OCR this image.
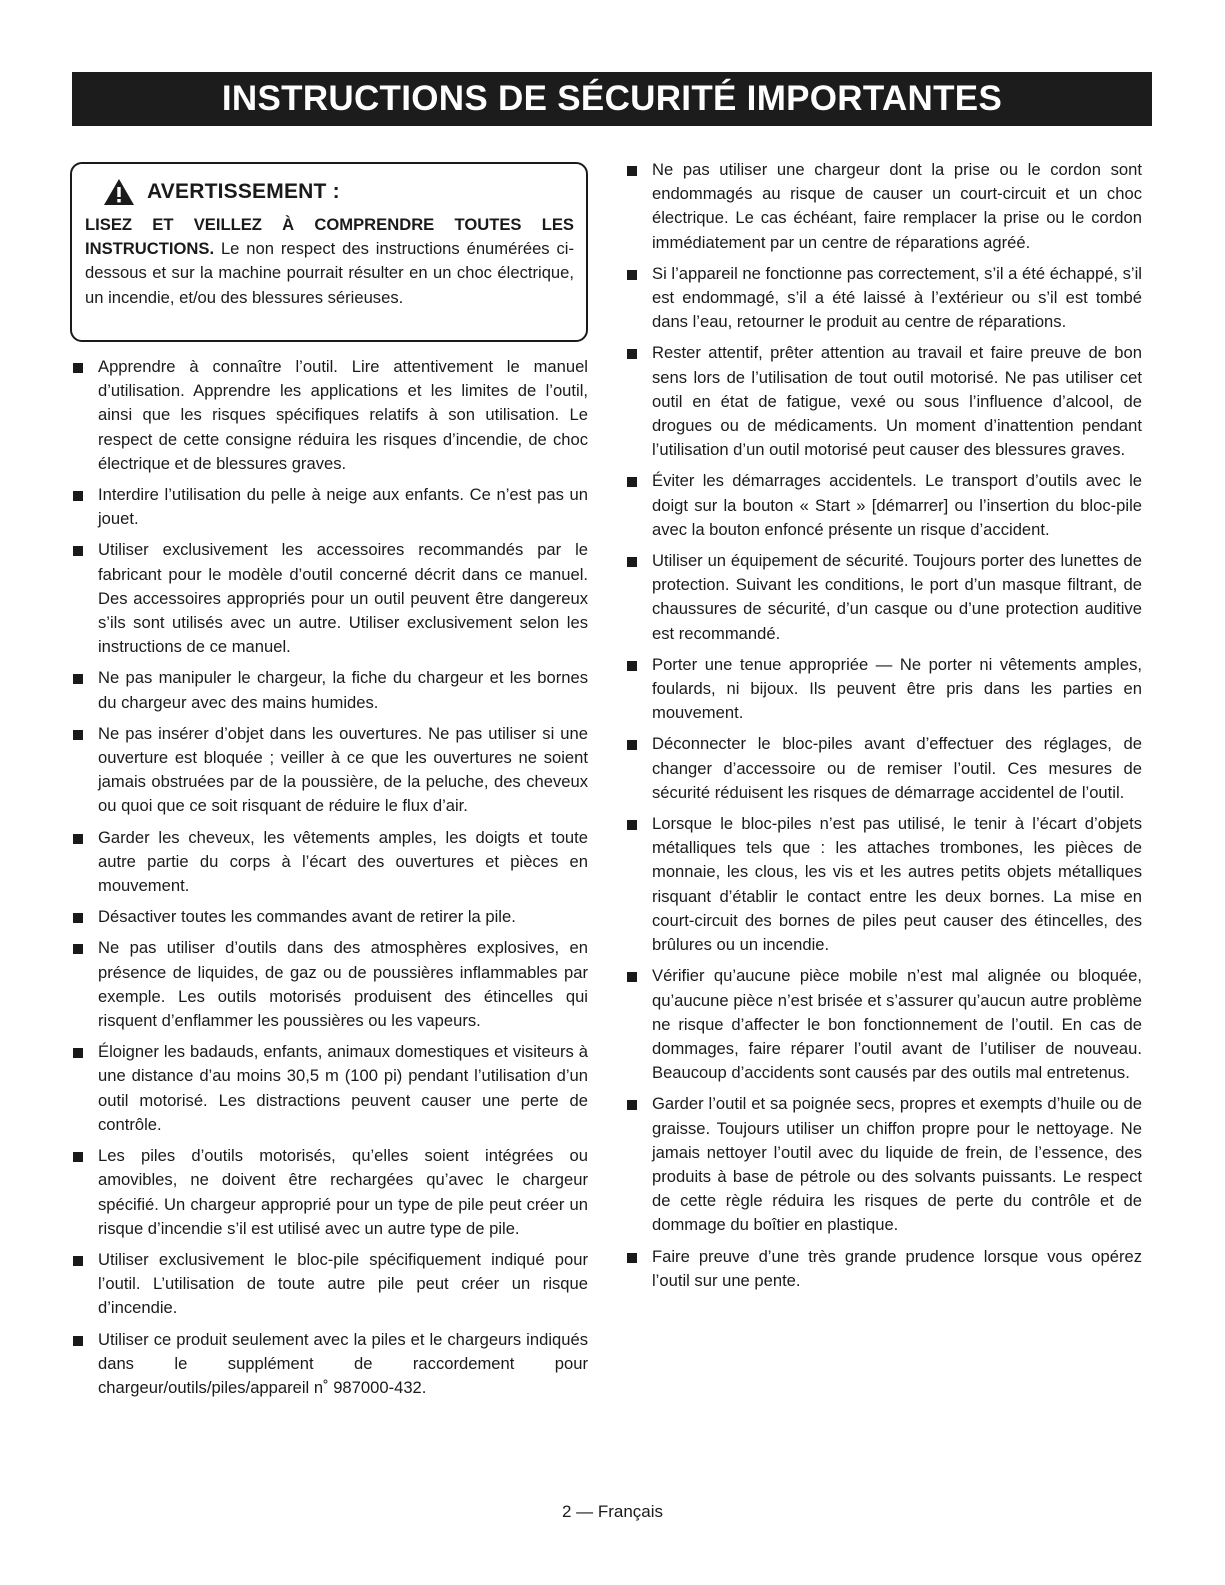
INSTRUCTIONS DE SÉCURITÉ IMPORTANTES
AVERTISSEMENT :
LISEZ ET VEILLEZ À COMPRENDRE TOUTES LES INSTRUCTIONS. Le non respect des instructions énumérées ci-dessous et sur la machine pourrait résulter en un choc électrique, un incendie, et/ou des blessures sérieuses.
Apprendre à connaître l’outil. Lire attentivement le manuel d’utilisation. Apprendre les applications et les limites de l’outil, ainsi que les risques spécifiques relatifs à son utilisation. Le respect de cette consigne réduira les risques d’incendie, de choc électrique et de blessures graves.
Interdire l’utilisation du pelle à neige aux enfants. Ce n’est pas un jouet.
Utiliser exclusivement les accessoires recommandés par le fabricant pour le modèle d’outil concerné décrit dans ce manuel. Des accessoires appropriés pour un outil peuvent être dangereux s’ils sont utilisés avec un autre. Utiliser exclusivement selon les instructions de ce manuel.
Ne pas manipuler le chargeur, la fiche du chargeur et les bornes du chargeur avec des mains humides.
Ne pas insérer d’objet dans les ouvertures. Ne pas utiliser si une ouverture est bloquée ; veiller à ce que les ouvertures ne soient jamais obstruées par de la poussière, de la peluche, des cheveux ou quoi que ce soit risquant de réduire le flux d’air.
Garder les cheveux, les vêtements amples, les doigts et toute autre partie du corps à l’écart des ouvertures et pièces en mouvement.
Désactiver toutes les commandes avant de retirer la pile.
Ne pas utiliser d’outils dans des atmosphères explosives, en présence de liquides, de gaz ou de poussières inflammables par exemple. Les outils motorisés produisent des étincelles qui risquent d’enflammer les poussières ou les vapeurs.
Éloigner les badauds, enfants, animaux domestiques et visiteurs à une distance d’au moins 30,5 m (100 pi) pendant l’utilisation d’un outil motorisé. Les distractions peuvent causer une perte de contrôle.
Les piles d’outils motorisés, qu’elles soient intégrées ou amovibles, ne doivent être rechargées qu’avec le chargeur spécifié. Un chargeur approprié pour un type de pile peut créer un risque d’incendie s’il est utilisé avec un autre type de pile.
Utiliser exclusivement le bloc-pile spécifiquement indiqué pour l’outil. L’utilisation de toute autre pile peut créer un risque d’incendie.
Utiliser ce produit seulement avec la piles et le chargeurs indiqués dans le supplément de raccordement pour chargeur/outils/piles/appareil n˚ 987000-432.
Ne pas utiliser une chargeur dont la prise ou le cordon sont endommagés au risque de causer un court-circuit et un choc électrique. Le cas échéant, faire remplacer la prise ou le cordon immédiatement par un centre de réparations agréé.
Si l’appareil ne fonctionne pas correctement, s’il a été échappé, s’il est endommagé, s’il a été laissé à l’extérieur ou s’il est tombé dans l’eau, retourner le produit au centre de réparations.
Rester attentif, prêter attention au travail et faire preuve de bon sens lors de l’utilisation de tout outil motorisé. Ne pas utiliser cet outil en état de fatigue, vexé ou sous l’influence d’alcool, de drogues ou de médicaments. Un moment d’inattention pendant l’utilisation d’un outil motorisé peut causer des blessures graves.
Éviter les démarrages accidentels. Le transport d’outils avec le doigt sur la bouton « Start » [démarrer] ou l’insertion du bloc-pile avec la bouton enfoncé présente un risque d’accident.
Utiliser un équipement de sécurité. Toujours porter des lunettes de protection. Suivant les conditions, le port d’un masque filtrant, de chaussures de sécurité, d’un casque ou d’une protection auditive est recommandé.
Porter une tenue appropriée — Ne porter ni vêtements amples, foulards, ni bijoux. Ils peuvent être pris dans les parties en mouvement.
Déconnecter le bloc-piles avant d’effectuer des réglages, de changer d’accessoire ou de remiser l’outil. Ces mesures de sécurité réduisent les risques de démarrage accidentel de l’outil.
Lorsque le bloc-piles n’est pas utilisé, le tenir à l’écart d’objets métalliques tels que : les attaches trombones, les pièces de monnaie, les clous, les vis et les autres petits objets métalliques risquant d’établir le contact entre les deux bornes. La mise en court-circuit des bornes de piles peut causer des étincelles, des brûlures ou un incendie.
Vérifier qu’aucune pièce mobile n’est mal alignée ou bloquée, qu’aucune pièce n’est brisée et s’assurer qu’aucun autre problème ne risque d’affecter le bon fonctionnement de l’outil. En cas de dommages, faire réparer l’outil avant de l’utiliser de nouveau. Beaucoup d’accidents sont causés par des outils mal entretenus.
Garder l’outil et sa poignée secs, propres et exempts d’huile ou de graisse. Toujours utiliser un chiffon propre pour le nettoyage. Ne jamais nettoyer l’outil avec du liquide de frein, de l’essence, des produits à base de pétrole ou des solvants puissants. Le respect de cette règle réduira les risques de perte du contrôle et de dommage du boîtier en plastique.
Faire preuve d’une très grande prudence lorsque vous opérez l’outil sur une pente.
2 — Français
